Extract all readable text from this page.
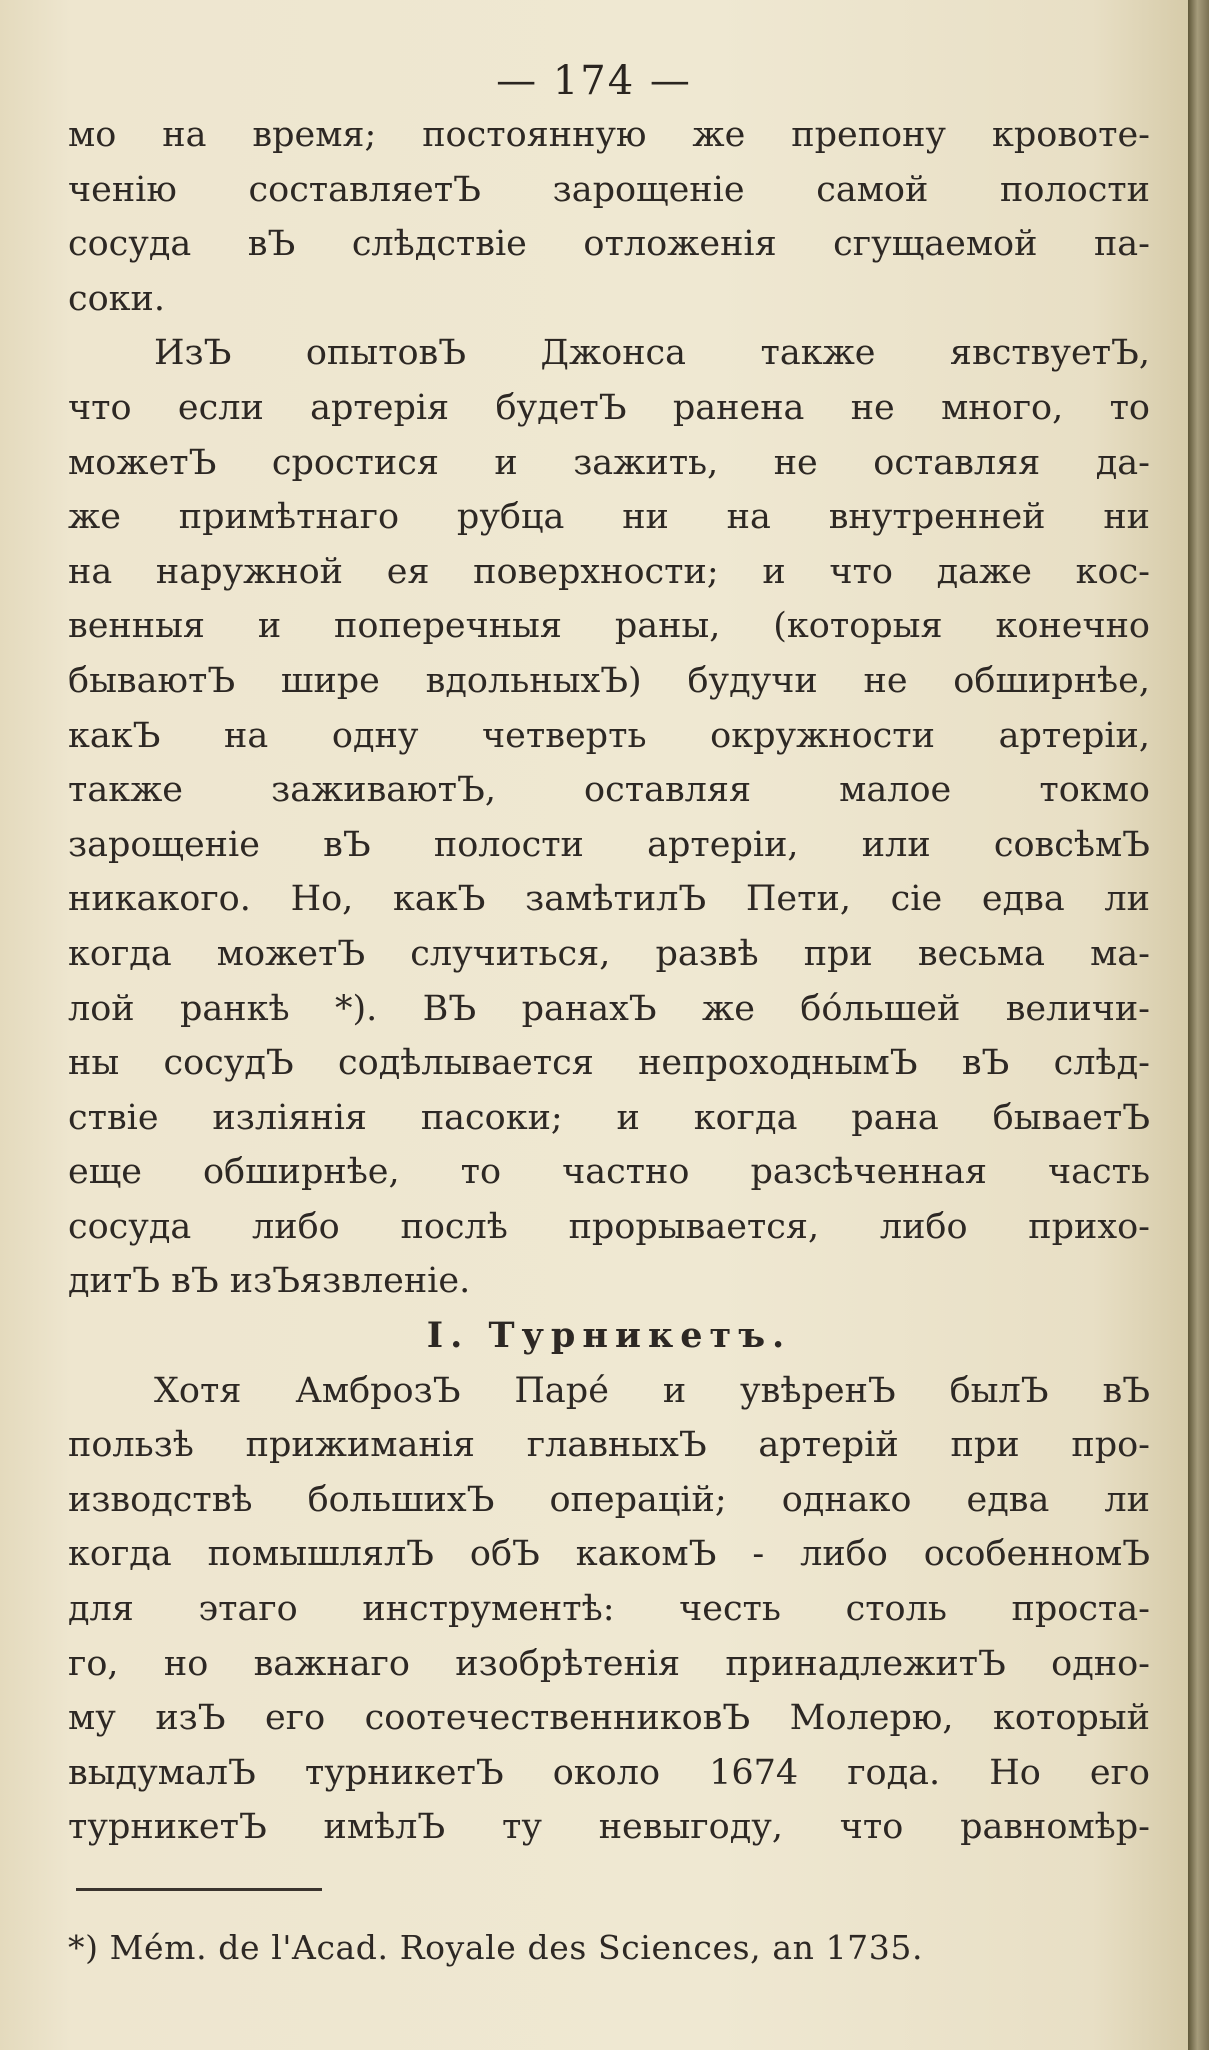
— 174 —
мо на время; постоянную же препону кровоте-
ченію составляетЪ зарощеніе самой полости
сосуда вЪ слѣдствіе отложенія сгущаемой па-
соки.
ИзЪ опытовЪ Джонса также явствуетЪ,
что если артерія будетЪ ранена не много, то
можетЪ сростися и зажить, не оставляя да-
же примѣтнаго рубца ни на внутренней ни
на наружной ея поверхности; и что даже кос-
венныя и поперечныя раны, (которыя конечно
бываютЪ шире вдольныхЪ) будучи не обширнѣе,
какЪ на одну четверть окружности артеріи,
также заживаютЪ, оставляя малое токмо
зарощеніе вЪ полости артеріи, или совсѣмЪ
никакого. Но, какЪ замѣтилЪ Пети, сіе едва ли
когда можетЪ случиться, развѣ при весьма ма-
лой ранкѣ *). ВЪ ранахЪ же бóльшей величи-
ны сосудЪ содѣлывается непроходнымЪ вЪ слѣд-
ствіе изліянія пасоки; и когда рана бываетЪ
еще обширнѣе, то частно разсѣченная часть
сосуда либо послѣ прорывается, либо прихо-
дитЪ вЪ изЪязвленіе.
I. Турникетъ.
Хотя АмброзЪ Парé и увѣренЪ былЪ вЪ
пользѣ прижиманія главныхЪ артерій при про-
изводствѣ большихЪ операцій; однако едва ли
когда помышлялЪ обЪ какомЪ - либо особенномЪ
для этаго инструментѣ: честь столь проста-
го, но важнаго изобрѣтенія принадлежитЪ одно-
му изЪ его соотечественниковЪ Молерю, который
выдумалЪ турникетЪ около 1674 года. Но его
турникетЪ имѣлЪ ту невыгоду, что равномѣр-
*) Mém. de l'Acad. Royale des Sciences, an 1735.
